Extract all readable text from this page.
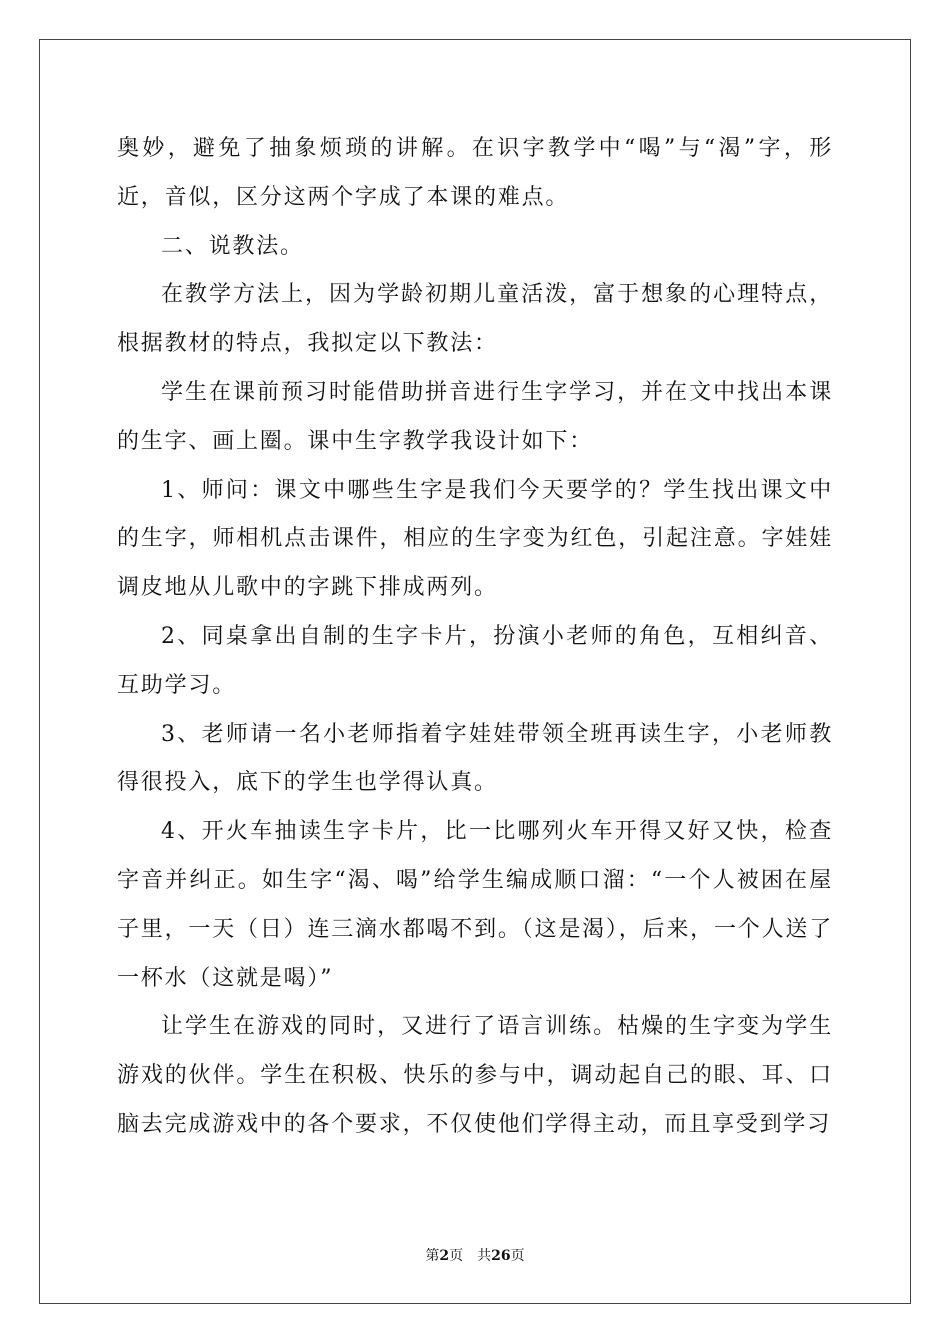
奥妙，避免了抽象烦琐的讲解。在识字教学中“喝”与“渴”字，形近，音似，区分这两个字成了本课的难点。

二、说教法。

在教学方法上，因为学龄初期儿童活泼，富于想象的心理特点，根据教材的特点，我拟定以下教法：

学生在课前预习时能借助拼音进行生字学习，并在文中找出本课的生字、画上圈。课中生字教学我设计如下：

1、师问：课文中哪些生字是我们今天要学的？学生找出课文中的生字，师相机点击课件，相应的生字变为红色，引起注意。字娃娃调皮地从儿歌中的字跳下排成两列。

2、同桌拿出自制的生字卡片，扮演小老师的角色，互相纠音、互助学习。

3、老师请一名小老师指着字娃娃带领全班再读生字，小老师教得很投入，底下的学生也学得认真。

4、开火车抽读生字卡片，比一比哪列火车开得又好又快，检查字音并纠正。如生字“渴、喝”给学生编成顺口溜：“一个人被困在屋子里，一天（日）连三滴水都喝不到。（这是渴），后来，一个人送了一杯水（这就是喝）”

让学生在游戏的同时，又进行了语言训练。枯燥的生字变为学生游戏的伙伴。学生在积极、快乐的参与中，调动起自己的眼、耳、口脑去完成游戏中的各个要求，不仅使他们学得主动，而且享受到学习

第2页 共26页
